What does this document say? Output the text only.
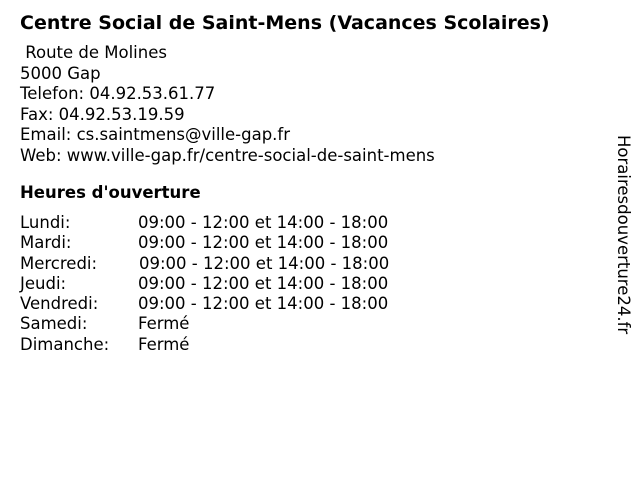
Centre Social de Saint-Mens (Vacances Scolaires)
Route de Molines
5000 Gap
Telefon: 04.92.53.61.77
Fax: 04.92.53.19.59
Email: cs.saintmens@ville-gap.fr
Web: www.ville-gap.fr/centre-social-de-saint-mens
Heures d'ouverture
Lundi:	09:00 - 12:00 et 14:00 - 18:00
Mardi:	09:00 - 12:00 et 14:00 - 18:00
Mercredi:	09:00 - 12:00 et 14:00 - 18:00
Jeudi:	09:00 - 12:00 et 14:00 - 18:00
Vendredi: 09:00 - 12:00 et 14:00 - 18:00
Samedi:	Fermé
Dimanche: Fermé
Horairesdouverture24.fr
